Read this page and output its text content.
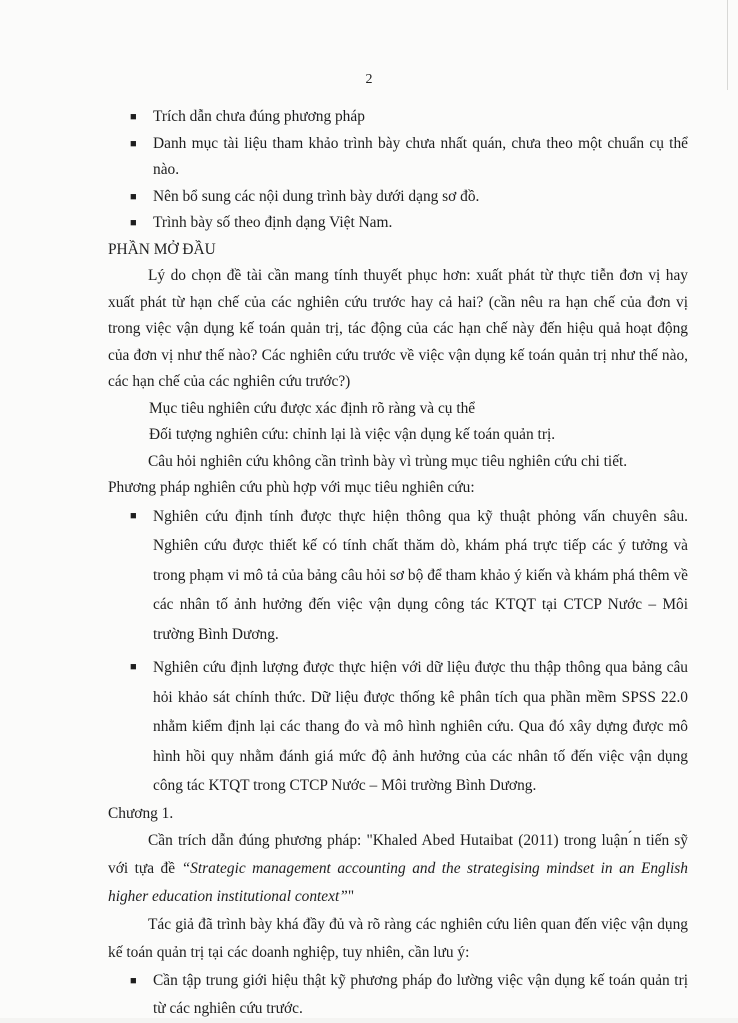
2
■ Trích dẫn chưa đúng phương pháp
■ Danh mục tài liệu tham khảo trình bày chưa nhất quán, chưa theo một chuẩn cụ thể nào.
■ Nên bổ sung các nội dung trình bày dưới dạng sơ đồ.
■ Trình bày số theo định dạng Việt Nam.
PHẦN MỞ ĐẦU

Lý do chọn đề tài cần mang tính thuyết phục hơn: xuất phát từ thực tiễn đơn vị hay xuất phát từ hạn chế của các nghiên cứu trước hay cả hai? (cần nêu ra hạn chế của đơn vị trong việc vận dụng kế toán quản trị, tác động của các hạn chế này đến hiệu quả hoạt động của đơn vị như thế nào? Các nghiên cứu trước về việc vận dụng kế toán quản trị như thế nào, các hạn chế của các nghiên cứu trước?)

Mục tiêu nghiên cứu được xác định rõ ràng và cụ thể
Đối tượng nghiên cứu: chỉnh lại là việc vận dụng kế toán quản trị.

Câu hỏi nghiên cứu không cần trình bày vì trùng mục tiêu nghiên cứu chi tiết.

Phương pháp nghiên cứu phù hợp với mục tiêu nghiên cứu:
■ Nghiên cứu định tính được thực hiện thông qua kỹ thuật phỏng vấn chuyên sâu. Nghiên cứu được thiết kế có tính chất thăm dò, khám phá trực tiếp các ý tưởng và trong phạm vi mô tả của bảng câu hỏi sơ bộ để tham khảo ý kiến và khám phá thêm về các nhân tố ảnh hưởng đến việc vận dụng công tác KTQT tại CTCP Nước – Môi trường Bình Dương.
■ Nghiên cứu định lượng được thực hiện với dữ liệu được thu thập thông qua bảng câu hỏi khảo sát chính thức. Dữ liệu được thống kê phân tích qua phần mềm SPSS 22.0 nhằm kiểm định lại các thang đo và mô hình nghiên cứu. Qua đó xây dựng được mô hình hồi quy nhằm đánh giá mức độ ảnh hưởng của các nhân tố đến việc vận dụng công tác KTQT trong CTCP Nước – Môi trường Bình Dương.
Chương 1.

Cần trích dẫn đúng phương pháp: "Khaled Abed Hutaibat (2011) trong luận ́n tiến sỹ với tựa đề “Strategic management accounting and the strategising mindset in an English higher education institutional context”"

Tác giả đã trình bày khá đầy đủ và rõ ràng các nghiên cứu liên quan đến việc vận dụng kế toán quản trị tại các doanh nghiệp, tuy nhiên, cần lưu ý:

■ Cần tập trung giới hiệu thật kỹ phương pháp đo lường việc vận dụng kế toán quản trị từ các nghiên cứu trước.
